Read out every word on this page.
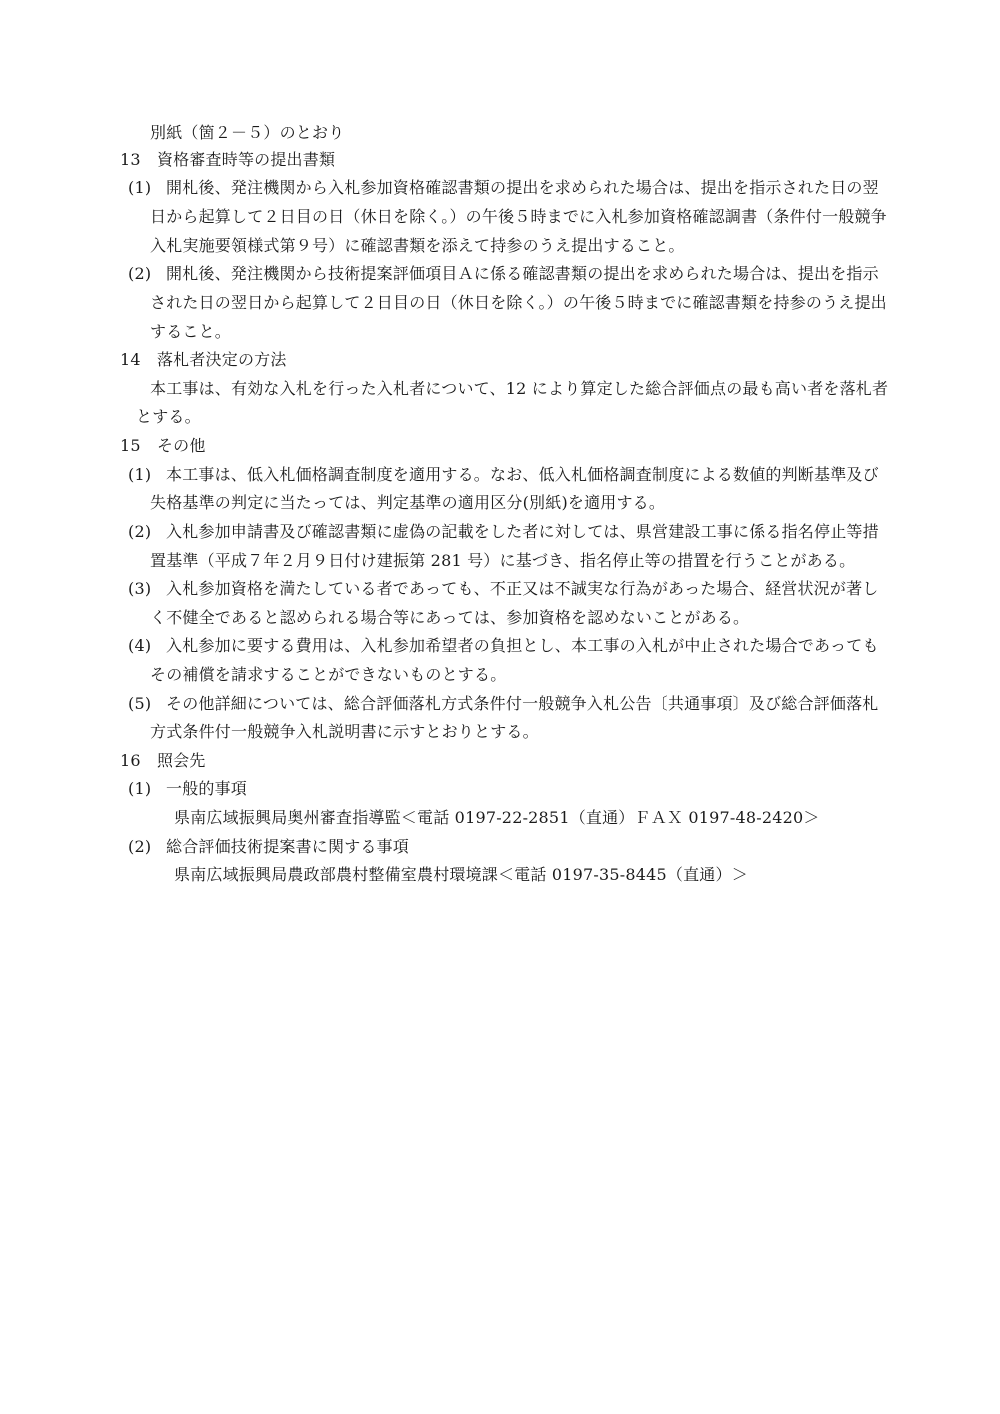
別紙（箇２－５）のとおり
13　資格審査時等の提出書類
(1) 開札後、発注機関から入札参加資格確認書類の提出を求められた場合は、提出を指示された日の翌
日から起算して２日目の日（休日を除く。）の午後５時までに入札参加資格確認調書（条件付一般競争
入札実施要領様式第９号）に確認書類を添えて持参のうえ提出すること。
(2) 開札後、発注機関から技術提案評価項目Ａに係る確認書類の提出を求められた場合は、提出を指示
された日の翌日から起算して２日目の日（休日を除く。）の午後５時までに確認書類を持参のうえ提出
すること。
14　落札者決定の方法
本工事は、有効な入札を行った入札者について、12 により算定した総合評価点の最も高い者を落札者
とする。
15　その他
(1) 本工事は、低入札価格調査制度を適用する。なお、低入札価格調査制度による数値的判断基準及び
失格基準の判定に当たっては、判定基準の適用区分(別紙)を適用する。
(2) 入札参加申請書及び確認書類に虚偽の記載をした者に対しては、県営建設工事に係る指名停止等措
置基準（平成７年２月９日付け建振第 281 号）に基づき、指名停止等の措置を行うことがある。
(3) 入札参加資格を満たしている者であっても、不正又は不誠実な行為があった場合、経営状況が著し
く不健全であると認められる場合等にあっては、参加資格を認めないことがある。
(4) 入札参加に要する費用は、入札参加希望者の負担とし、本工事の入札が中止された場合であっても
その補償を請求することができないものとする。
(5) その他詳細については、総合評価落札方式条件付一般競争入札公告〔共通事項〕及び総合評価落札
方式条件付一般競争入札説明書に示すとおりとする。
16　照会先
(1) 一般的事項
県南広域振興局奥州審査指導監＜電話 0197-22-2851（直通）ＦＡＸ 0197-48-2420＞
(2) 総合評価技術提案書に関する事項
県南広域振興局農政部農村整備室農村環境課＜電話 0197-35-8445（直通）＞
